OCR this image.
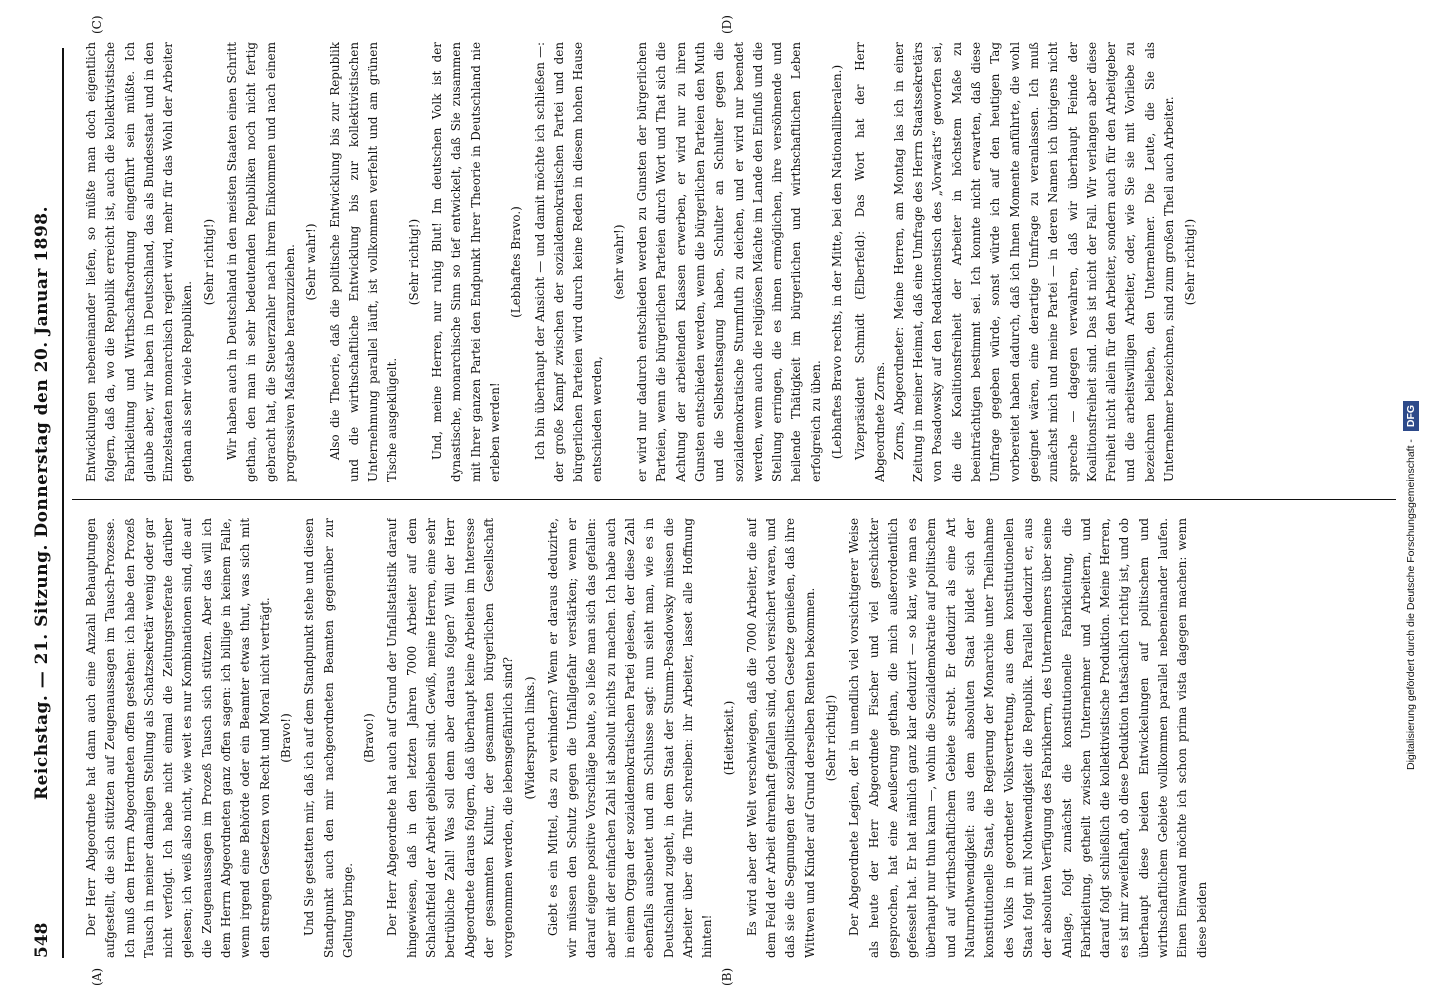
548
Reichstag. — 21. Sitzung. Donnerstag den 20. Januar 1898.
(A)	(B)
(C)	(D)

Der Herr Abgeordnete hat dann auch eine Anzahl Behauptungen aufgestellt, die sich stützten auf Zeugenaussagen im Tausch-Prozesse. Ich muß dem Herrn Abgeordneten offen gestehen: ich habe den Prozeß Tausch in meiner damaligen Stellung als Schatzsekretär wenig oder gar nicht verfolgt. Ich habe nicht einmal die Zeitungsreferate darüber gelesen; ich weiß also nicht, wie weit es nur Kombinationen sind, die auf die Zeugenaussagen im Prozeß Tausch sich stützen. Aber das will ich dem Herrn Abgeordneten ganz offen sagen: ich billige in keinem Falle, wenn irgend eine Behörde oder ein Beamter etwas thut, was sich mit den strengen Gesetzen von Recht und Moral nicht verträgt. (Bravo!) Und Sie gestatten mir, daß ich auf dem Standpunkt stehe und diesen Standpunkt auch den mir nachgeordneten Beamten gegenüber zur Geltung bringe.

(Bravo!) Der Herr Abgeordnete hat auch auf Grund der Unfallstatistik darauf hingewiesen, daß in den letzten Jahren 7000 Arbeiter auf dem Schlachtfeld der Arbeit geblieben sind. Gewiß, meine Herren, eine sehr betrübliche Zahl! Was soll denn aber daraus folgen? Will der Herr Abgeordnete daraus folgern, daß überhaupt keine Arbeiten im Interesse der gesammten Kultur, der gesammten bürgerlichen Gesellschaft vorgenommen werden, die lebensgefährlich sind? (Widerspruch links.) Giebt es ein Mittel, das zu verhindern? Wenn er daraus deduzirte, wir müssen den Schutz gegen die Unfallgefahr verstärken; wenn er darauf eigene positive Vorschläge baute, so ließe man sich das gefallen: aber mit der einfachen Zahl ist absolut nichts zu machen. Ich habe auch in einem Organ der sozialdemokratischen Partei gelesen, der diese Zahl ebenfalls ausbeutet und am Schlusse sagt: nun sieht man, wie es in Deutschland zugeht, in dem Staat der Stumm-Posadowsky müssen die Arbeiter über die Thür schreiben: ihr Arbeiter, lasset alle Hoffnung hinten!

(Heiterkeit.) Es wird aber der Welt verschwiegen, daß die 7000 Arbeiter, die auf dem Feld der Arbeit ehrenhaft gefallen sind, doch versichert waren, und daß sie die Segnungen der sozialpolitischen Gesetze genießen, daß ihre Wittwen und Kinder auf Grund derselben Renten bekommen. (Sehr richtig!) Der Abgeordnete Legien, der in unendlich viel vorsichtigerer Weise als heute der Herr Abgeordnete Fischer und viel geschickter gesprochen, hat eine Aeußerung gethan, die mich außerordentlich gefesselt hat. Er hat nämlich ganz klar deduzirt — so klar, wie man es überhaupt nur thun kann —, wohin die Sozialdemokratie auf politischem und auf wirthschaftlichem Gebiete strebt. Er deduzirt als eine Art Naturnothwendigkeit: aus dem absoluten Staat bildet sich der konstitutionelle Staat, die Regierung der Monarchie unter Theilnahme des Volks in geordneter Volksvertretung, aus dem konstitutionellen Staat folgt mit Nothwendigkeit die Republik. Parallel deduzirt er, aus der absoluten Verfügung des Fabrikherrn, des Unternehmers über seine Anlage, folgt zunächst die konstitutionelle Fabrikleitung, die Fabrikleitung, getheilt zwischen Unternehmer und Arbeitern, und darauf folgt schließlich die kollektivistische Produktion. Meine Herren, es ist mir zweifelhaft, ob diese Deduktion thatsächlich richtig ist, und ob überhaupt diese beiden Entwickelungen auf politischem und wirthschaftlichem Gebiete vollkommen parallel nebeneinander laufen. Einen Einwand möchte ich schon prima vista dagegen machen: wenn diese beiden

Entwicklungen nebeneinander liefen, so müßte man doch eigentlich folgern, daß da, wo die Republik erreicht ist, auch die kollektivistische Fabrikleitung und Wirthschaftsordnung eingeführt sein müßte. Ich glaube aber, wir haben in Deutschland, das als Bundesstaat und in den Einzelstaaten monarchisch regiert wird, mehr für das Wohl der Arbeiter gethan als sehr viele Republiken.

(Sehr richtig!) Wir haben auch in Deutschland in den meisten Staaten einen Schritt gethan, den man in sehr bedeutenden Republiken noch nicht fertig gebracht hat, die Steuerzahler nach ihrem Einkommen und nach einem progressiven Maßstabe heranzuziehen. (Sehr wahr!) Also die Theorie, daß die politische Entwicklung bis zur Republik und die wirthschaftliche Entwicklung bis zur kollektivistischen Unternehmung parallel läuft, ist vollkommen verfehlt und am grünen Tische ausgeklügelt.

(Sehr richtig!) Und, meine Herren, nur ruhig Blut! Im deutschen Volk ist der dynastische, monarchische Sinn so tief entwickelt, daß Sie zusammen mit Ihrer ganzen Partei den Endpunkt Ihrer Theorie in Deutschland nie erleben werden!

(Lebhaftes Bravo.) Ich bin überhaupt der Ansicht — und damit möchte ich schließen —: der große Kampf zwischen der sozialdemokratischen Partei und den bürgerlichen Parteien wird durch keine Reden in diesem hohen Hause entschieden werden,

(sehr wahr!) er wird nur dadurch entschieden werden zu Gunsten der bürgerlichen Parteien, wenn die bürgerlichen Parteien durch Wort und That sich die Achtung der arbeitenden Klassen erwerben, er wird nur zu ihren Gunsten entschieden werden, wenn die bürgerlichen Parteien den Muth und die Selbstentsagung haben, Schulter an Schulter gegen die sozialdemokratische Sturmfluth zu deichen, und er wird nur beendet werden, wenn auch die religiösen Mächte im Lande den Einfluß und die Stellung erringen, die es ihnen ermöglichen, ihre versöhnende und heilende Thätigkeit im bürgerlichen und wirthschaftlichen Leben erfolgreich zu üben. (Lebhaftes Bravo rechts, in der Mitte, bei den Nationalliberalen.) Vizepräsident Schmidt (Elberfeld): Das Wort hat der Herr Abgeordnete Zorns. Zorns, Abgeordneter: Meine Herren, am Montag las ich in einer Zeitung in meiner Heimat, daß eine Umfrage des Herrn Staatssekretärs von Posadowsky auf den Redaktionstisch des „Vorwärts“ geworfen sei, die die Koalitionsfreiheit der Arbeiter in höchstem Maße zu beeinträchtigen bestimmt sei. Ich konnte nicht erwarten, daß diese Umfrage gegeben würde, sonst würde ich auf den heutigen Tag vorbereitet haben dadurch, daß ich Ihnen Momente anführte, die wohl geeignet wären, eine derartige Umfrage zu veranlassen. Ich muß zunächst mich und meine Partei — in deren Namen ich übrigens nicht spreche — dagegen verwahren, daß wir überhaupt Feinde der Koalitionsfreiheit sind. Das ist nicht der Fall. Wir verlangen aber diese Freiheit nicht allein für den Arbeiter, sondern auch für den Arbeitgeber und die arbeitswilligen Arbeiter, oder, wie Sie sie mit Vorliebe zu bezeichnen belieben, den Unternehmer. Die Leute, die Sie als Unternehmer bezeichnen, sind zum großen Theil auch Arbeiter. (Sehr richtig!)

Digitalisierung gefördert durch die Deutsche Forschungsgemeinschaft -DFG
